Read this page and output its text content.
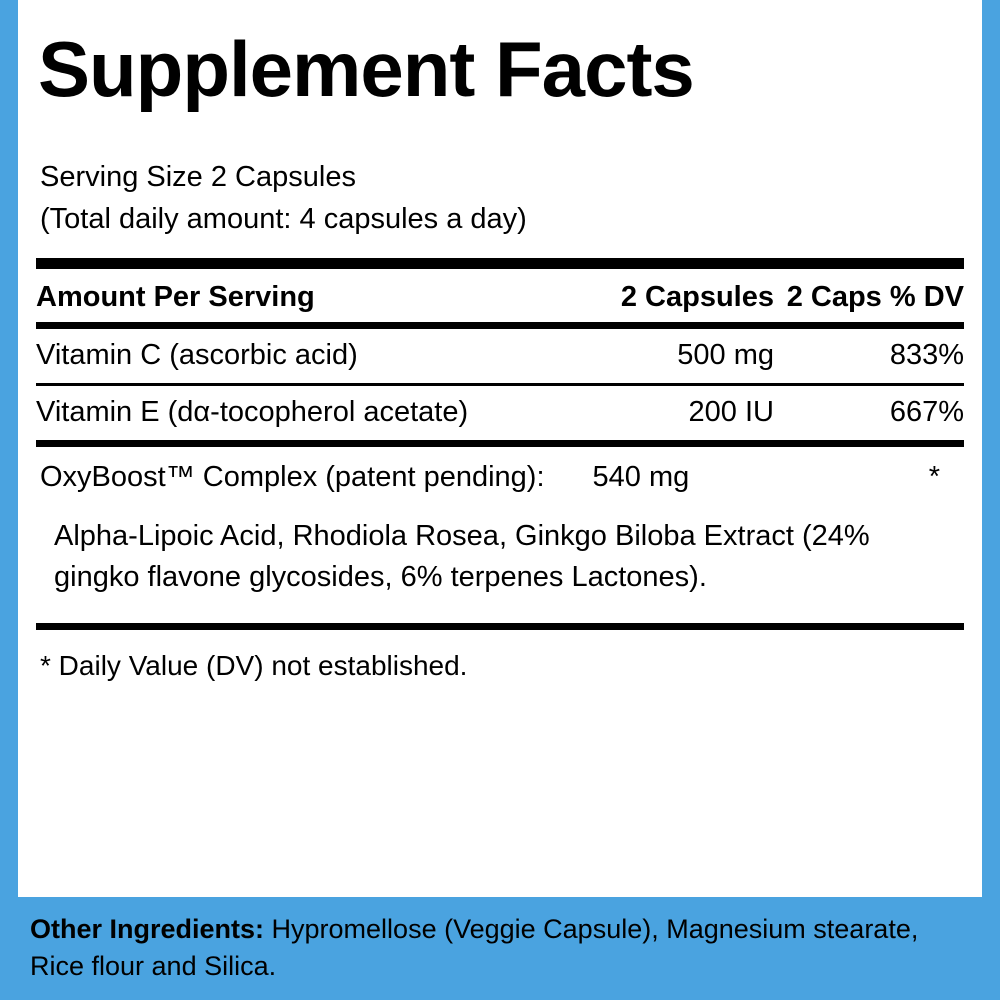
Supplement Facts
Serving Size 2 Capsules
(Total daily amount: 4 capsules a day)
Amount Per Serving	2 Capsules	2 Caps % DV
Vitamin C (ascorbic acid)	500 mg	833%
Vitamin E (dα-tocopherol acetate)	200 IU	667%
OxyBoost™ Complex (patent pending): 540 mg	*
Alpha-Lipoic Acid, Rhodiola Rosea, Ginkgo Biloba Extract (24% gingko flavone glycosides, 6% terpenes Lactones).
* Daily Value (DV) not established.
Other Ingredients: Hypromellose (Veggie Capsule), Magnesium stearate, Rice flour and Silica.
